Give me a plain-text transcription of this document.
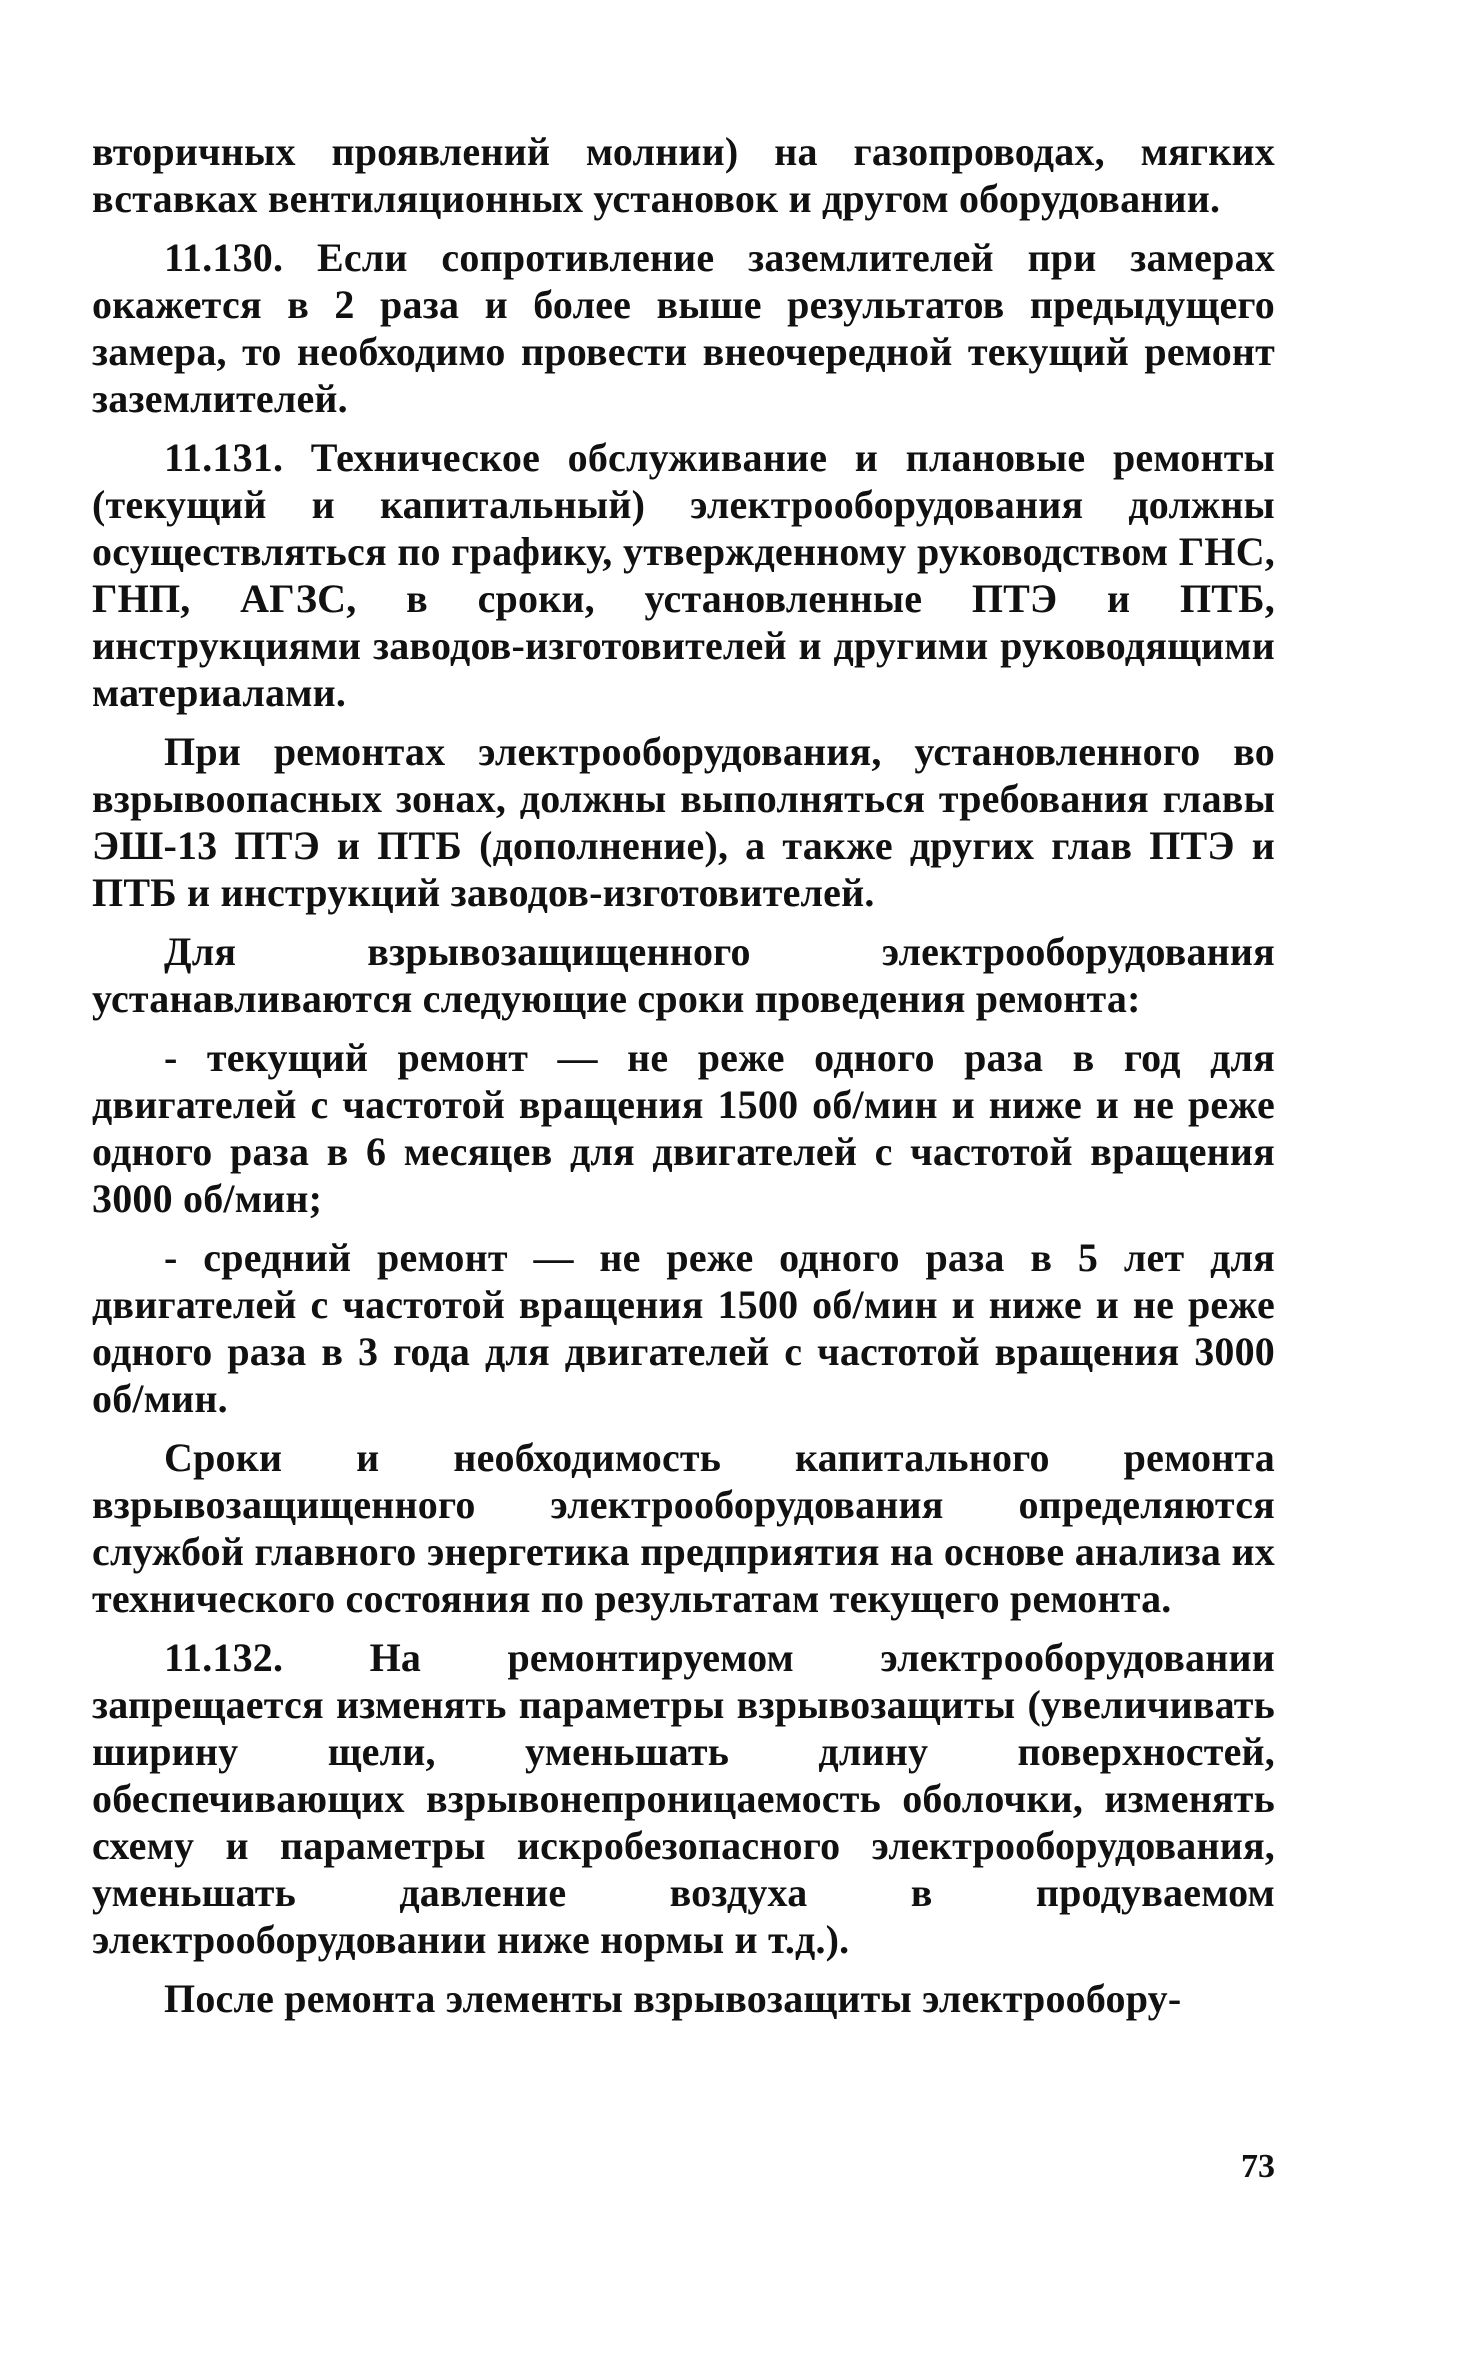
вторичных проявлений молнии) на газопроводах, мягких вставках вентиляционных установок и другом оборудовании.

11.130. Если сопротивление заземлителей при замерах окажется в 2 раза и более выше результатов предыдущего замера, то необходимо провести внеочередной текущий ремонт заземлителей.

11.131. Техническое обслуживание и плановые ремонты (текущий и капитальный) электрооборудования должны осуществляться по графику, утвержденному руководством ГНС, ГНП, АГЗС, в сроки, установленные ПТЭ и ПТБ, инструкциями заводов-изготовителей и другими руководящими материалами.

При ремонтах электрооборудования, установленного во взрывоопасных зонах, должны выполняться требования главы ЭШ-13 ПТЭ и ПТБ (дополнение), а также других глав ПТЭ и ПТБ и инструкций заводов-изготовителей.

Для взрывозащищенного электрооборудования устанавливаются следующие сроки проведения ремонта:

- текущий ремонт — не реже одного раза в год для двигателей с частотой вращения 1500 об/мин и ниже и не реже одного раза в 6 месяцев для двигателей с частотой вращения 3000 об/мин;

- средний ремонт — не реже одного раза в 5 лет для двигателей с частотой вращения 1500 об/мин и ниже и не реже одного раза в 3 года для двигателей с частотой вращения 3000 об/мин.

Сроки и необходимость капитального ремонта взрывозащищенного электрооборудования определяются службой главного энергетика предприятия на основе анализа их технического состояния по результатам текущего ремонта.

11.132. На ремонтируемом электрооборудовании запрещается изменять параметры взрывозащиты (увеличивать ширину щели, уменьшать длину поверхностей, обеспечивающих взрывонепроницаемость оболочки, изменять схему и параметры искробезопасного электрооборудования, уменьшать давление воздуха в продуваемом электрооборудовании ниже нормы и т.д.).

После ремонта элементы взрывозащиты электрообору-

73
